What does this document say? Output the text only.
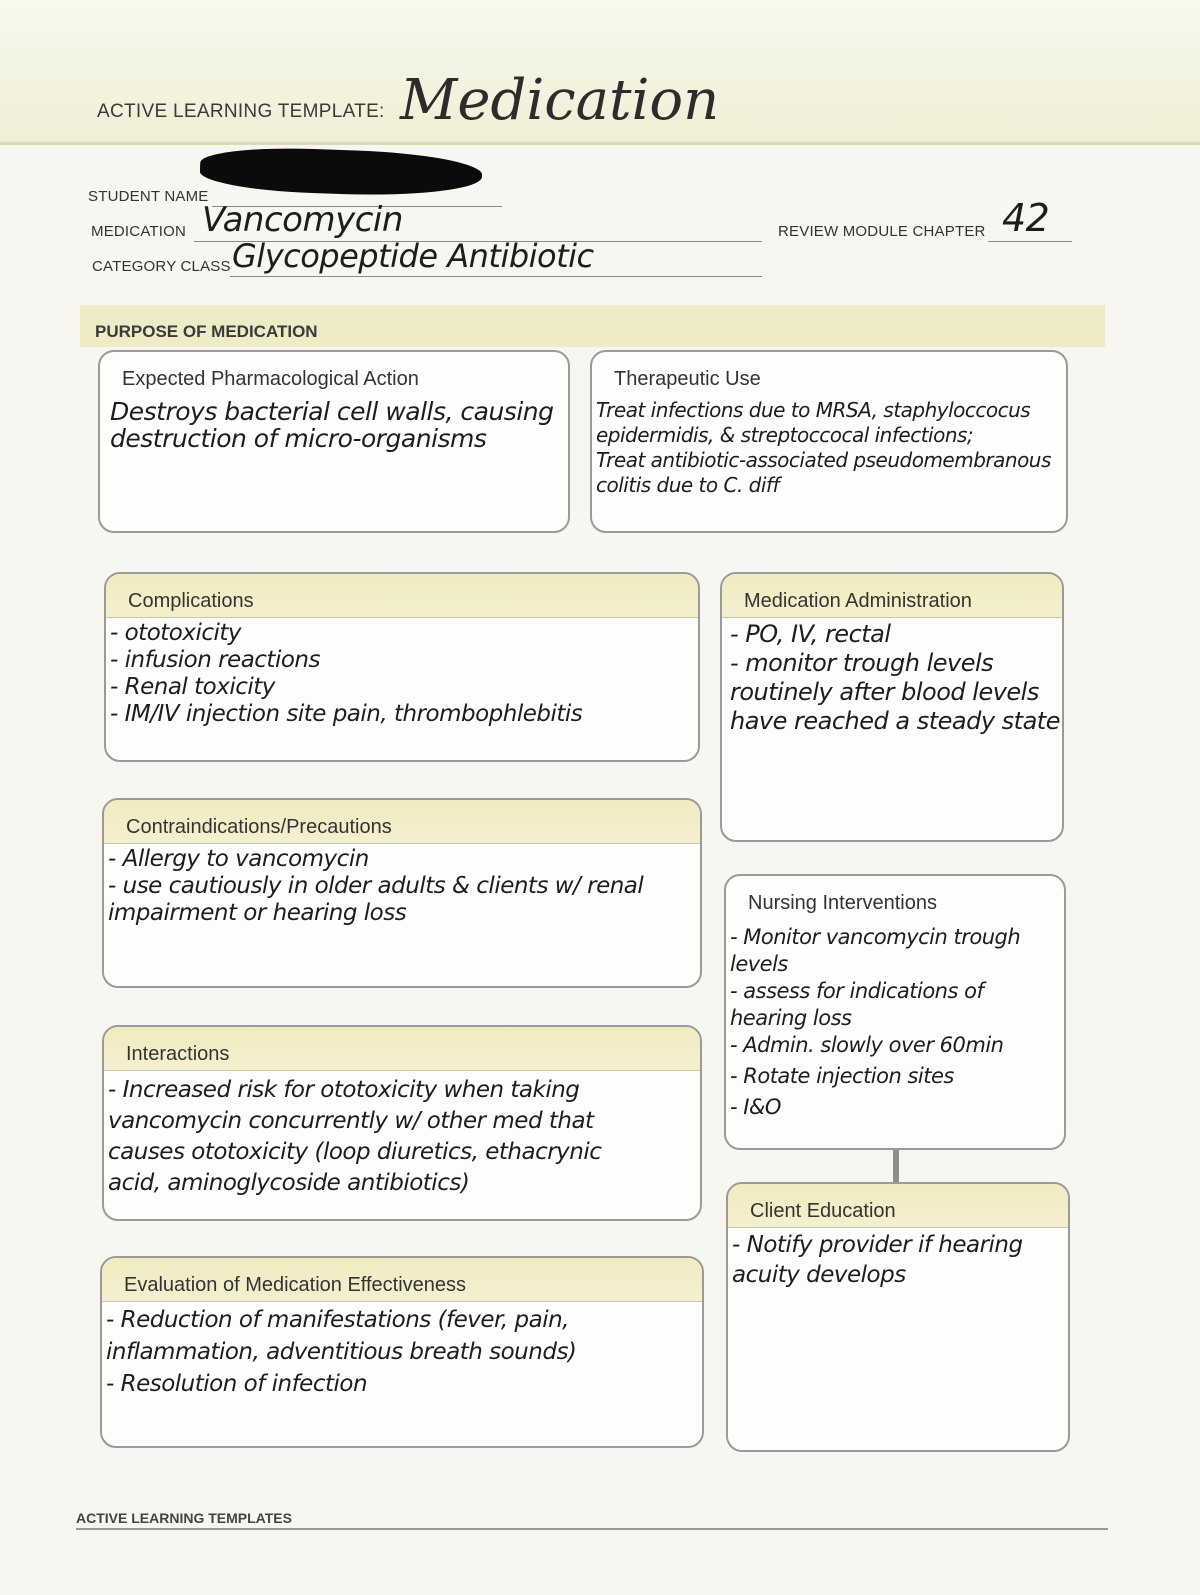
ACTIVE LEARNING TEMPLATE: Medication
STUDENT NAME
MEDICATION Vancomycin
CATEGORY CLASS Glycopeptide Antibiotic
REVIEW MODULE CHAPTER 42
PURPOSE OF MEDICATION
Expected Pharmacological Action
Destroys bacterial cell walls, causing
destruction of micro-organisms
Therapeutic Use
Treat infections due to MRSA, staphyloccocus
epidermidis, & streptoccocal infections;
Treat antibiotic-associated pseudomembranous
colitis due to C. diff
Complications
- ototoxicity
- infusion reactions
- Renal toxicity
- IM/IV injection site pain, thrombophlebitis
Medication Administration
- PO, IV, rectal
- monitor trough levels
routinely after blood levels
have reached a steady state
Contraindications/Precautions
- Allergy to vancomycin
- use cautiously in older adults & clients w/ renal
impairment or hearing loss	Nursing Interventions
- Monitor vancomycin trough
levels
- assess for indications of
hearing loss
- Admin. slowly over 60min
- Rotate injection sites
- I&O
Interactions
- Increased risk for ototoxicity when taking
vancomycin concurrently w/ other med that
causes ototoxicity (loop diuretics, ethacrynic
acid, aminoglycoside antibiotics)
Client Education
- Notify provider if hearing
acuity develops
Evaluation of Medication Effectiveness
- Reduction of manifestations (fever, pain,
inflammation, adventitious breath sounds)
- Resolution of infection
ACTIVE LEARNING TEMPLATES
